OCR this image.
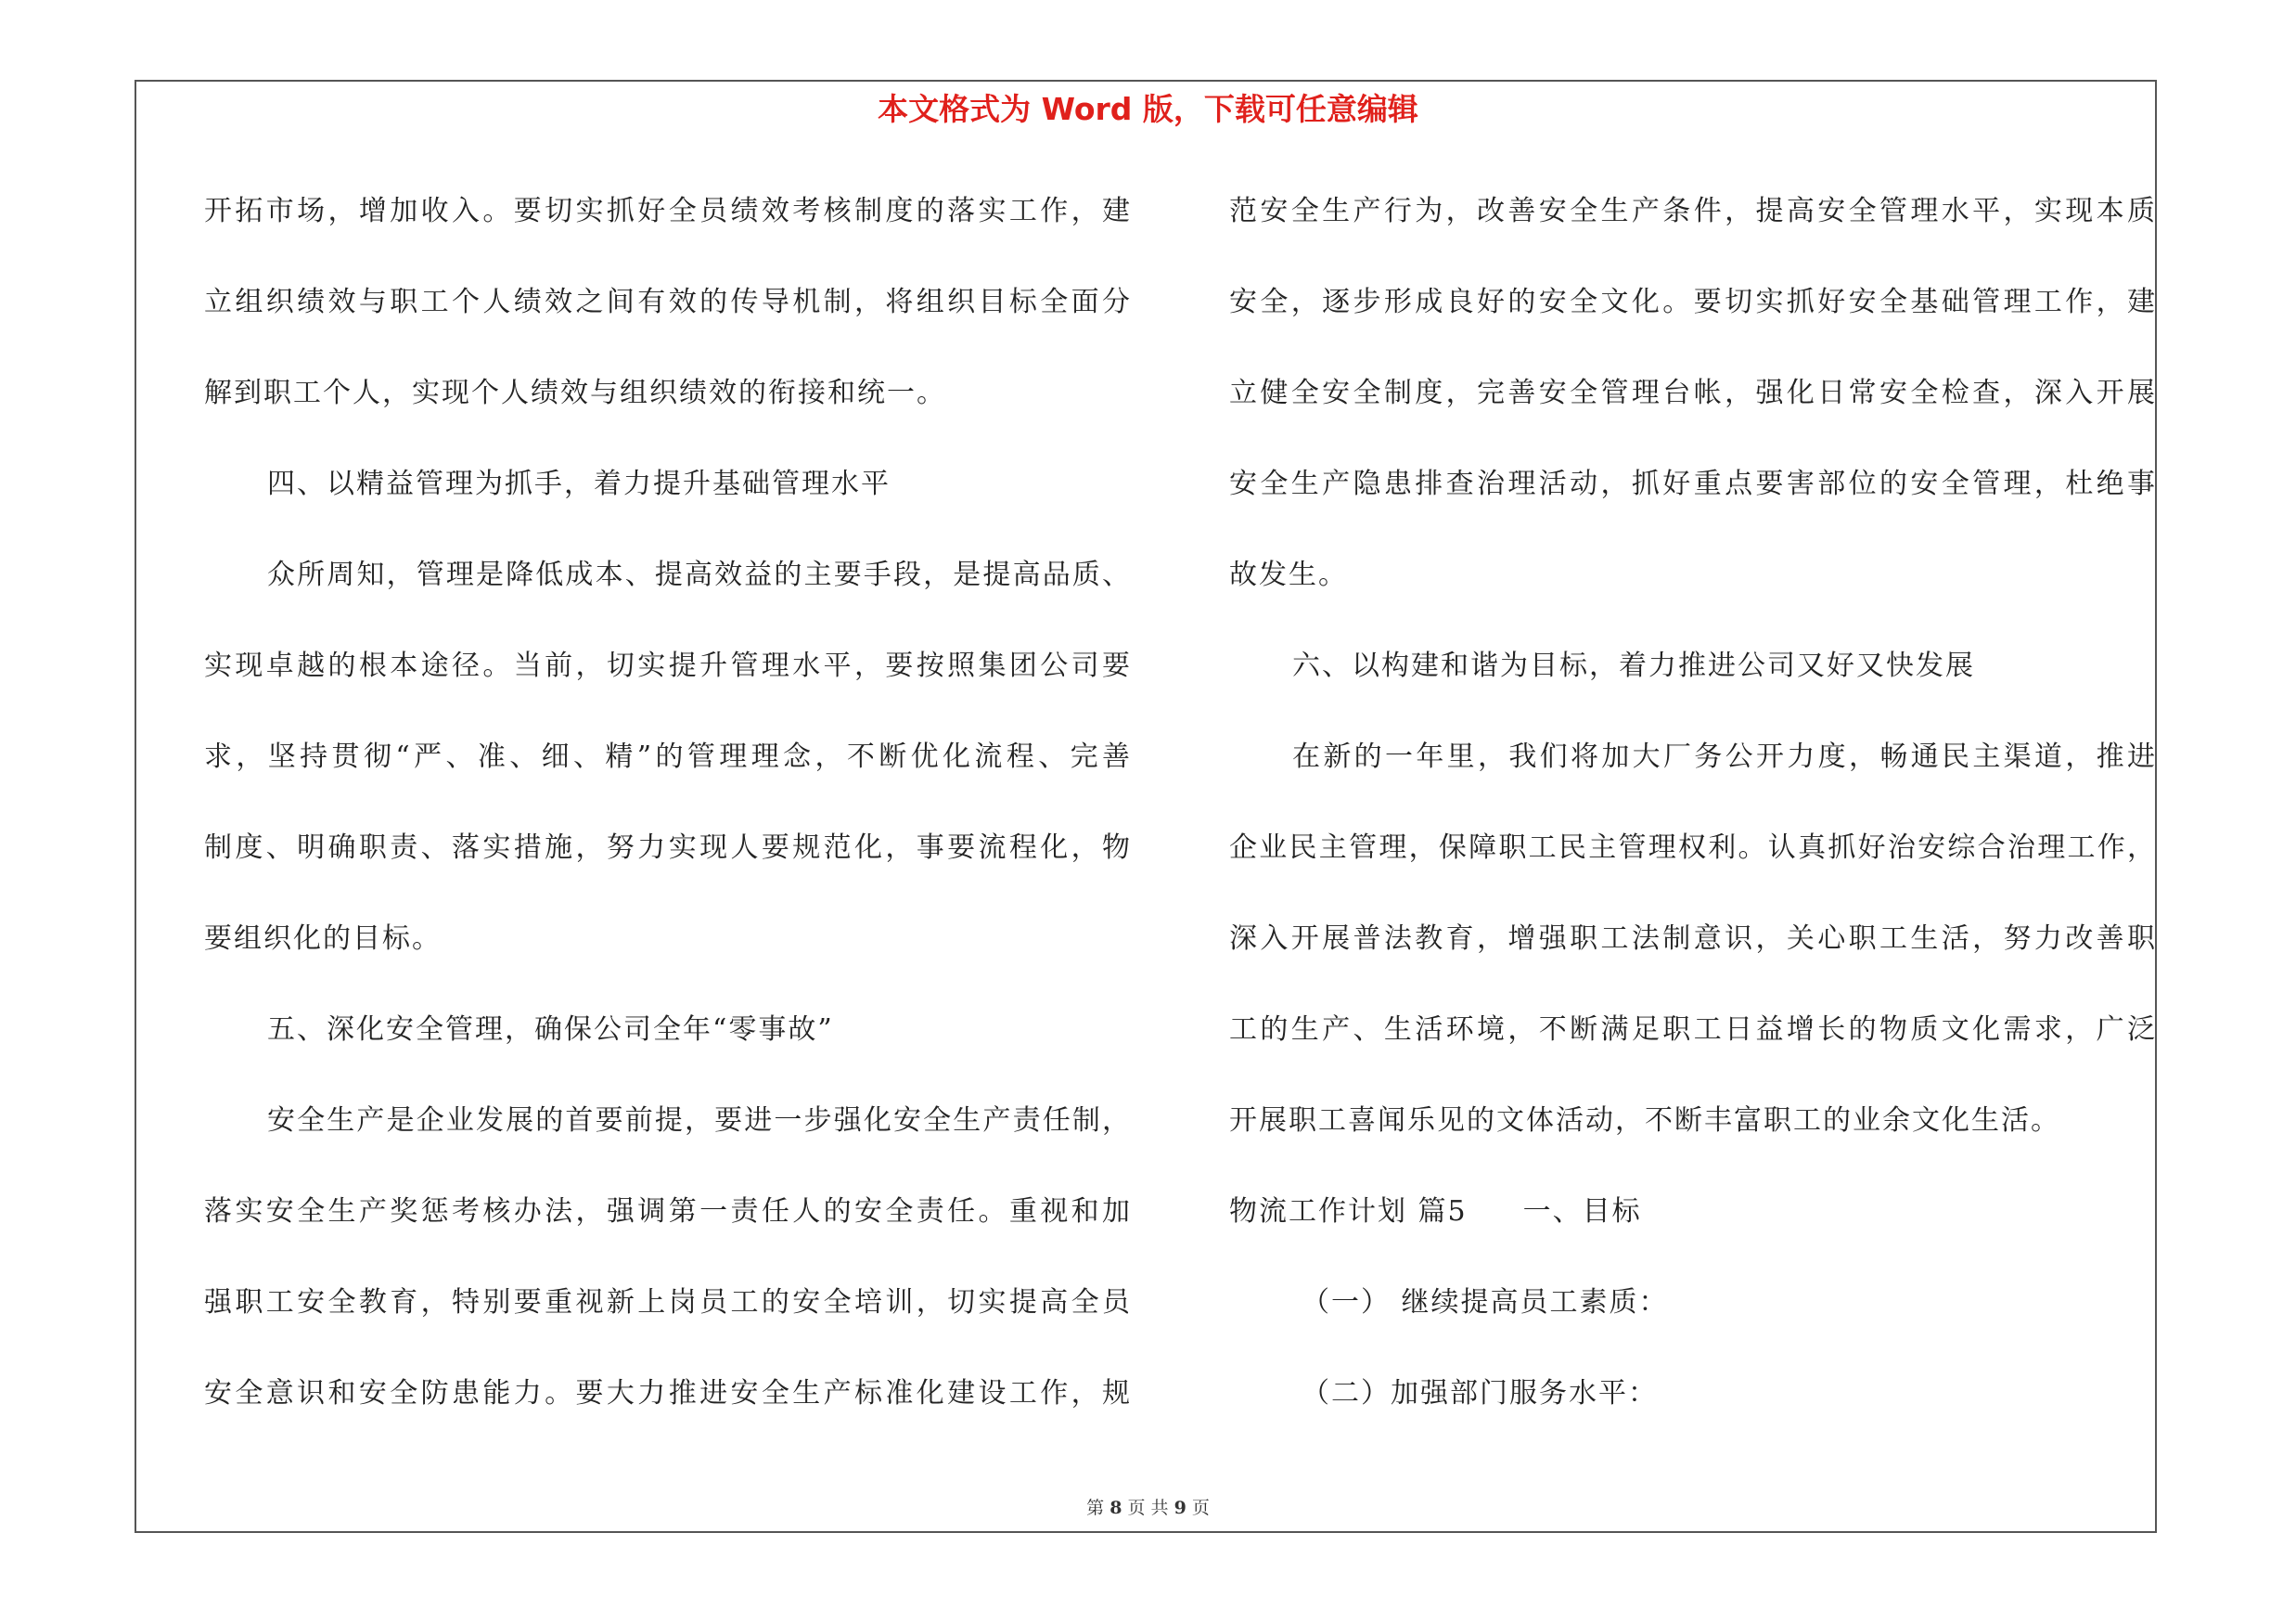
本文格式为 Word 版，下载可任意编辑
开拓市场，增加收入。要切实抓好全员绩效考核制度的落实工作，建
立组织绩效与职工个人绩效之间有效的传导机制，将组织目标全面分
解到职工个人，实现个人绩效与组织绩效的衔接和统一。
四、以精益管理为抓手，着力提升基础管理水平
众所周知，管理是降低成本、提高效益的主要手段，是提高品质、
实现卓越的根本途径。当前，切实提升管理水平，要按照集团公司要
求，坚持贯彻“严、准、细、精”的管理理念，不断优化流程、完善
制度、明确职责、落实措施，努力实现人要规范化，事要流程化，物
要组织化的目标。
五、深化安全管理，确保公司全年“零事故”
安全生产是企业发展的首要前提，要进一步强化安全生产责任制，
落实安全生产奖惩考核办法，强调第一责任人的安全责任。重视和加
强职工安全教育，特别要重视新上岗员工的安全培训，切实提高全员
安全意识和安全防患能力。要大力推进安全生产标准化建设工作，规
范安全生产行为，改善安全生产条件，提高安全管理水平，实现本质
安全，逐步形成良好的安全文化。要切实抓好安全基础管理工作，建
立健全安全制度，完善安全管理台帐，强化日常安全检查，深入开展
安全生产隐患排查治理活动，抓好重点要害部位的安全管理，杜绝事
故发生。
六、以构建和谐为目标，着力推进公司又好又快发展
在新的一年里，我们将加大厂务公开力度，畅通民主渠道，推进
企业民主管理，保障职工民主管理权利。认真抓好治安综合治理工作，
深入开展普法教育，增强职工法制意识，关心职工生活，努力改善职
工的生产、生活环境，不断满足职工日益增长的物质文化需求，广泛
开展职工喜闻乐见的文体活动，不断丰富职工的业余文化生活。
物流工作计划 篇5 一、目标
（一） 继续提高员工素质：
（二）加强部门服务水平：
第 8 页 共 9 页
